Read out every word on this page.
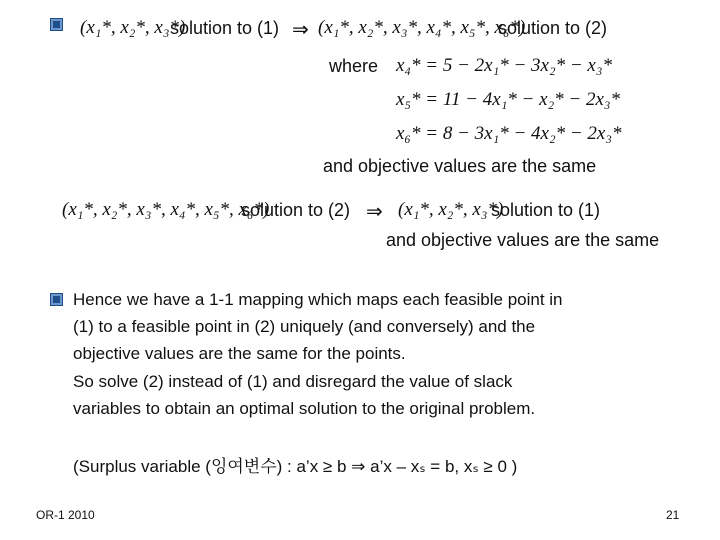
(x₁*, x₂*, x₃*)
solution to (1) ⇒ (x₁*, x₂*, x₃*, x₄*, x₅*, x₆*)
solution to (2)
where x₄* = 5 − 2x₁* − 3x₂* − x₃*
x₅* = 11 − 4x₁* − x₂* − 2x₃*
x₆* = 8 − 3x₁* − 4x₂* − 2x₃*
and objective values are the same
(x₁*, x₂*, x₃*, x₄*, x₅*, x₆*)
solution to (2) ⇒ (x₁*, x₂*, x₃*)
solution to (1)
and objective values are the same
Hence we have a 1-1 mapping which maps each feasible point in
(1) to a feasible point in (2) uniquely (and conversely) and the
objective values are the same for the points.
So solve (2) instead of (1) and disregard the value of slack
variables to obtain an optimal solution to the original problem.
(Surplus variable (잉여변수) : a’x ≥ b ⇒ a’x – xₛ = b, xₛ ≥ 0 )
OR-1 2010	21
